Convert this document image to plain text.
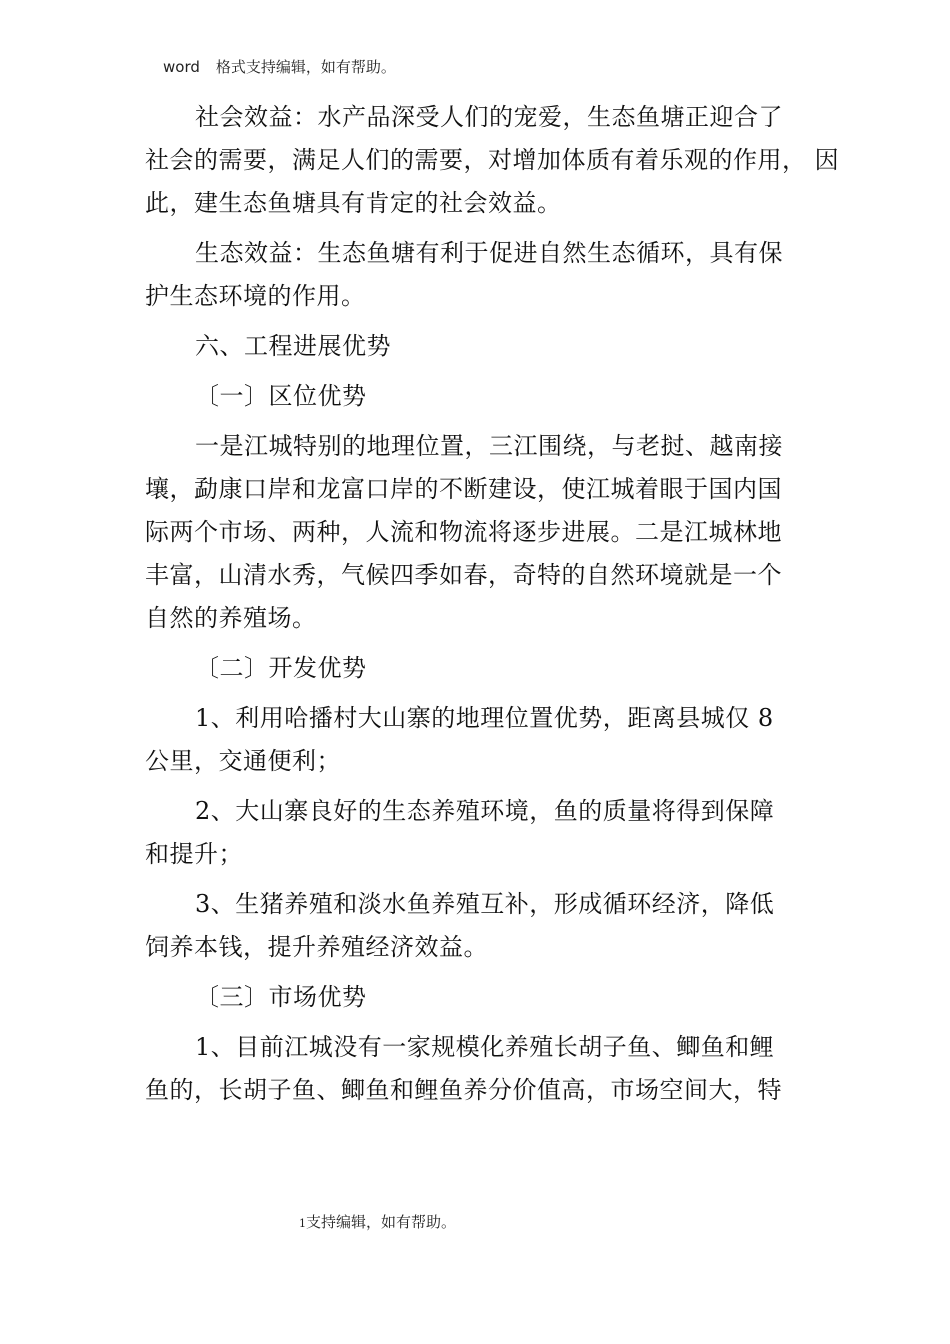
word 格式支持编辑，如有帮助。
社会效益：水产品深受人们的宠爱，生态鱼塘正迎合了
社会的需要，满足人们的需要，对增加体质有着乐观的作用， 因
此，建生态鱼塘具有肯定的社会效益。
生态效益：生态鱼塘有利于促进自然生态循环，具有保
护生态环境的作用。
六、工程进展优势
〔一〕区位优势
一是江城特别的地理位置，三江围绕，与老挝、越南接
壤，勐康口岸和龙富口岸的不断建设，使江城着眼于国内国
际两个市场、两种，人流和物流将逐步进展。二是江城林地
丰富，山清水秀，气候四季如春，奇特的自然环境就是一个
自然的养殖场。
〔二〕开发优势
1、利用哈播村大山寨的地理位置优势，距离县城仅 8
公里，交通便利；
2、大山寨良好的生态养殖环境，鱼的质量将得到保障
和提升；
3、生猪养殖和淡水鱼养殖互补，形成循环经济，降低
饲养本钱，提升养殖经济效益。
〔三〕市场优势
1、目前江城没有一家规模化养殖长胡子鱼、鲫鱼和鲤
鱼的，长胡子鱼、鲫鱼和鲤鱼养分价值高，市场空间大，特
1支持编辑，如有帮助。
